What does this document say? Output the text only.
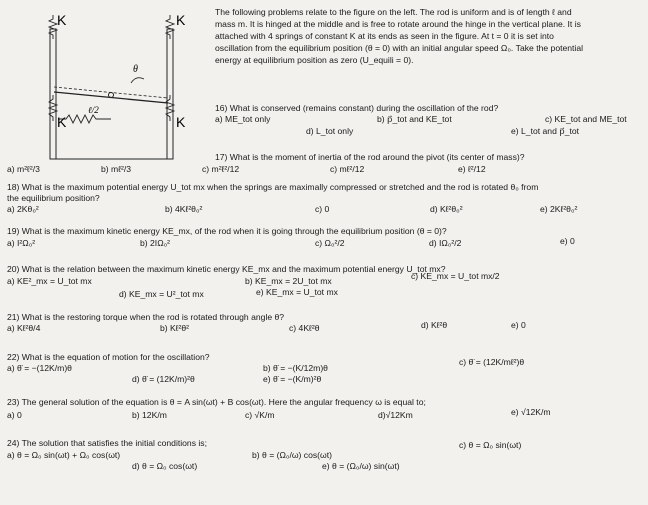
K	K
K	K
θ
ℓ/2
The following problems relate to the figure on the left. The rod is uniform and is of length ℓ and
mass m. It is hinged at the middle and is free to rotate around the hinge in the vertical plane. It is
attached with 4 springs of constant K at its ends as seen in the figure. At t = 0 it is set into
oscillation from the equilibrium position (θ = 0) with an initial angular speed Ω₀. Take the potential
energy at equilibrium position as zero (U_equili = 0).
16) What is conserved (remains constant) during the oscillation of the rod?
a) ME_tot only	b) p⃗_tot and KE_tot	c) KE_tot and ME_tot
d) L_tot only	e) L_tot and p⃗_tot
17) What is the moment of inertia of the rod around the pivot (its center of mass)?
a) m²ℓ²/3	b) mℓ²/3	c) m²ℓ²/12	c) mℓ²/12	e) ℓ²/12
18) What is the maximum potential energy U_tot mx when the springs are maximally compressed or stretched and the rod is rotated θ₀ from
the equilibrium position?
a) 2Kθ₀²	b) 4Kℓ²θ₀²	c) 0	d) Kℓ²θ₀²	e) 2Kℓ²θ₀²
19) What is the maximum kinetic energy KE_mx, of the rod when it is going through the equilibrium position (θ = 0)?
a) I²Ω₀²	b) 2IΩ₀²	c) Ω₀²/2	d) IΩ₀²/2	e) 0
20) What is the relation between the maximum kinetic energy KE_mx and the maximum potential energy U_tot mx?
a) KE²_mx = U_tot mx	b) KE_mx = 2U_tot mx	c) KE_mx = U_tot mx/2
d) KE_mx = U²_tot mx	e) KE_mx = U_tot mx
21) What is the restoring torque when the rod is rotated through angle θ?
a) Kℓ²θ/4	b) Kℓ²θ²	c) 4Kℓ²θ	d) Kℓ²θ	e) 0
22) What is the equation of motion for the oscillation?
a) θ̈ = −(12K/m)θ	b) θ̈ = −(K/12m)θ
c) θ̈ = (12K/mℓ²)θ
d) θ̈ = (12K/m)²θ	e) θ̈ = −(K/m)²θ
23) The general solution of the equation is θ = A sin(ωt) + B cos(ωt). Here the angular frequency ω is equal to;
a) 0	b) 12K/m	c) √K/m	d)√12Km	e) √12K/m
24) The solution that satisfies the initial conditions is;
a) θ = Ω₀ sin(ωt) + Ω₀ cos(ωt)	b) θ = (Ω₀/ω) cos(ωt)
c) θ = Ω₀ sin(ωt)
d) θ = Ω₀ cos(ωt)	e) θ = (Ω₀/ω) sin(ωt)
